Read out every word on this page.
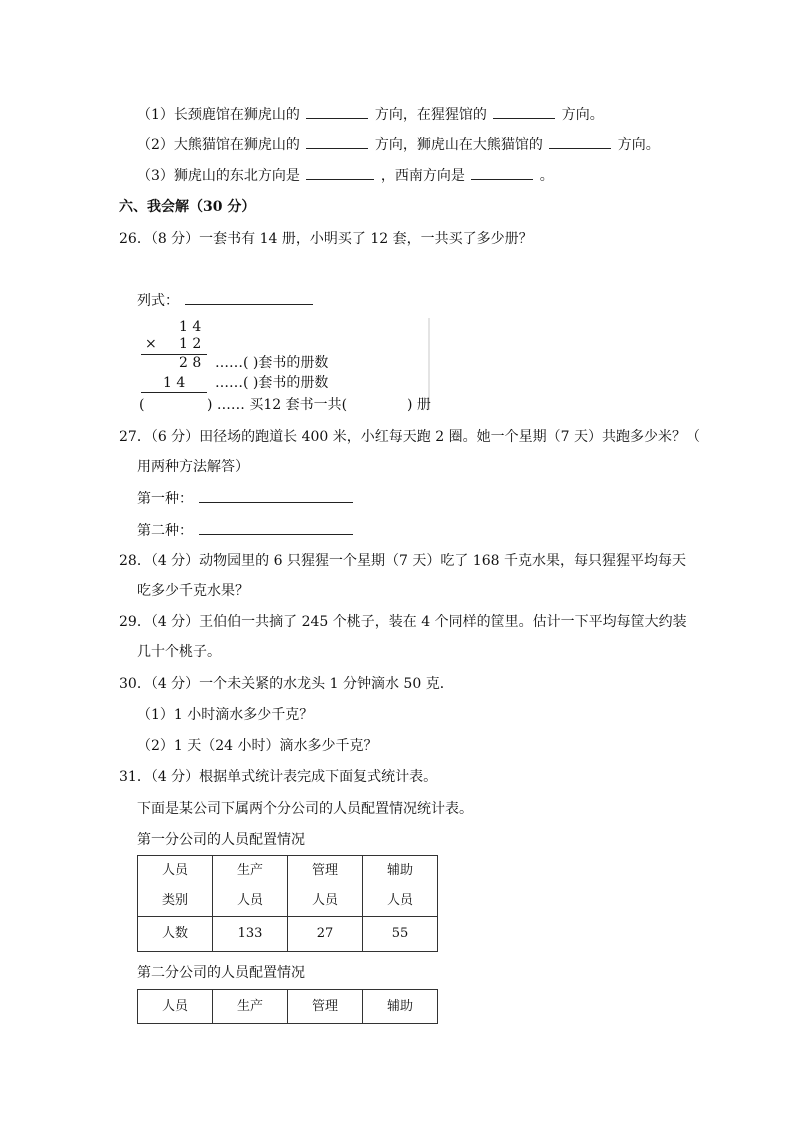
（1）长颈鹿馆在狮虎山的	方向，在猩猩馆的	方向。
（2）大熊猫馆在狮虎山的	方向，狮虎山在大熊猫馆的	方向。
（3）狮虎山的东北方向是	，西南方向是	。
六、我会解（30 分）
26．（8 分）一套书有 14 册，小明买了 12 套，一共买了多少册？
列式：
1 4
× 1 2
2 8 ……( )套书的册数
1 4 ……( )套书的册数
(	) …… 买12 套书一共(	) 册
27．（6 分）田径场的跑道长 400 米，小红每天跑 2 圈。她一个星期（7 天）共跑多少米？（
用两种方法解答）
第一种：
第二种：
28．（4 分）动物园里的 6 只猩猩一个星期（7 天）吃了 168 千克水果，每只猩猩平均每天
吃多少千克水果？
29．（4 分）王伯伯一共摘了 245 个桃子，装在 4 个同样的筐里。估计一下平均每筐大约装
几十个桃子。
30．（4 分）一个未关紧的水龙头 1 分钟滴水 50 克．
（1）1 小时滴水多少千克？
（2）1 天（24 小时）滴水多少千克？
31．（4 分）根据单式统计表完成下面复式统计表。
下面是某公司下属两个分公司的人员配置情况统计表。
第一分公司的人员配置情况
人员	生产	管理	辅助
类别	人员	人员	人员
人数	133	27	55
第二分公司的人员配置情况
人员	生产	管理	辅助
